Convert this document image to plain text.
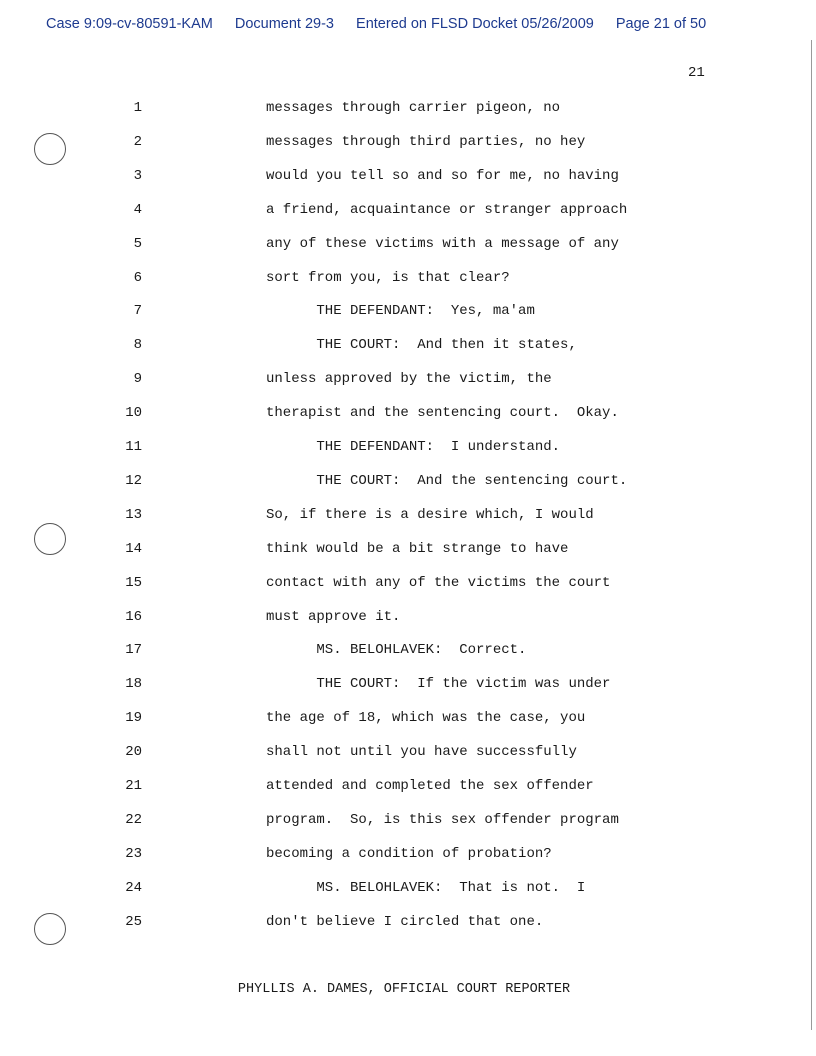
Case 9:09-cv-80591-KAM Document 29-3 Entered on FLSD Docket 05/26/2009 Page 21 of 50
21
1	messages through carrier pigeon, no
2	messages through third parties, no hey
3	would you tell so and so for me, no having
4	a friend, acquaintance or stranger approach
5	any of these victims with a message of any
6	sort from you, is that clear?
7	THE DEFENDANT:  Yes, ma'am
8	THE COURT:  And then it states,
9	unless approved by the victim, the
10	therapist and the sentencing court.  Okay.
11	THE DEFENDANT:  I understand.
12	THE COURT:  And the sentencing court.
13	So, if there is a desire which, I would
14	think would be a bit strange to have
15	contact with any of the victims the court
16	must approve it.
17	MS. BELOHLAVEK:  Correct.
18	THE COURT:  If the victim was under
19	the age of 18, which was the case, you
20	shall not until you have successfully
21	attended and completed the sex offender
22	program.  So, is this sex offender program
23	becoming a condition of probation?
24	MS. BELOHLAVEK:  That is not.  I
25	don't believe I circled that one.
PHYLLIS A. DAMES, OFFICIAL COURT REPORTER
